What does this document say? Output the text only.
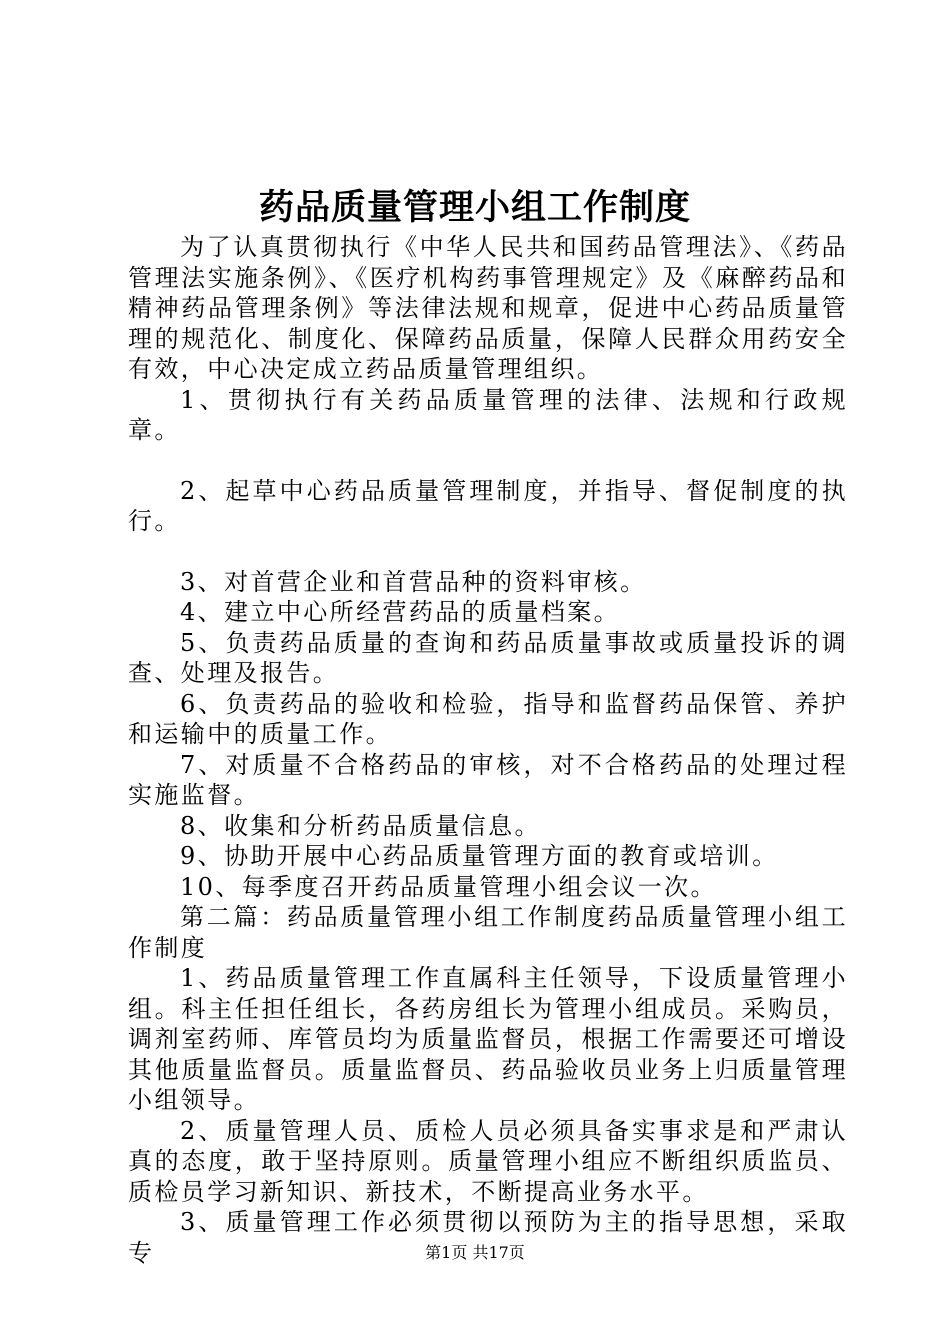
药品质量管理小组工作制度

为了认真贯彻执行《中华人民共和国药品管理法》、《药品管理法实施条例》、《医疗机构药事管理规定》及《麻醉药品和精神药品管理条例》等法律法规和规章，促进中心药品质量管理的规范化、制度化、保障药品质量，保障人民群众用药安全有效，中心决定成立药品质量管理组织。

1、贯彻执行有关药品质量管理的法律、法规和行政规章。

2、起草中心药品质量管理制度，并指导、督促制度的执行。

3、对首营企业和首营品种的资料审核。

4、建立中心所经营药品的质量档案。

5、负责药品质量的查询和药品质量事故或质量投诉的调查、处理及报告。

6、负责药品的验收和检验，指导和监督药品保管、养护和运输中的质量工作。

7、对质量不合格药品的审核，对不合格药品的处理过程实施监督。

8、收集和分析药品质量信息。

9、协助开展中心药品质量管理方面的教育或培训。

10、每季度召开药品质量管理小组会议一次。

第二篇：药品质量管理小组工作制度药品质量管理小组工作制度

1、药品质量管理工作直属科主任领导，下设质量管理小组。科主任担任组长，各药房组长为管理小组成员。采购员，调剂室药师、库管员均为质量监督员，根据工作需要还可增设其他质量监督员。质量监督员、药品验收员业务上归质量管理小组领导。

2、质量管理人员、质检人员必须具备实事求是和严肃认真的态度，敢于坚持原则。质量管理小组应不断组织质监员、质检员学习新知识、新技术，不断提高业务水平。

3、质量管理工作必须贯彻以预防为主的指导思想，采取专	第1页 共17页
